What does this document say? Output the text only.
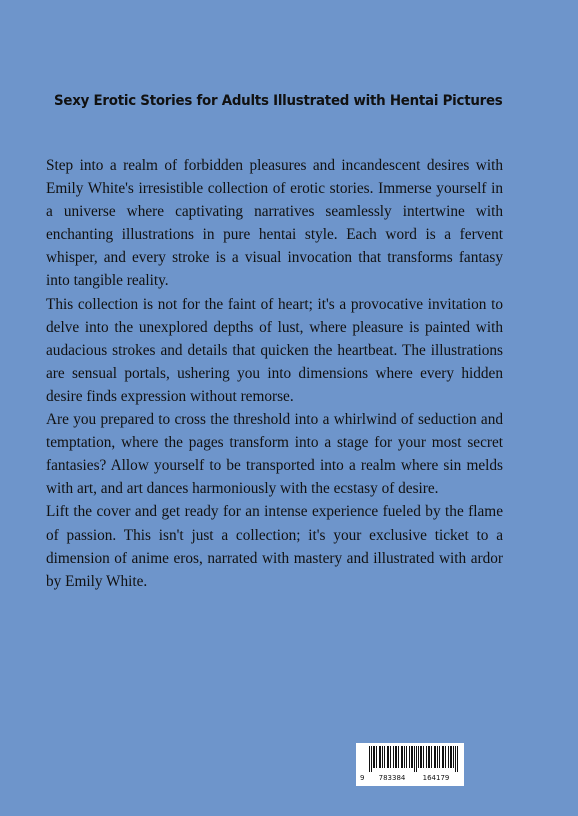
Sexy Erotic Stories for Adults Illustrated with Hentai Pictures

Step into a realm of forbidden pleasures and incandescent desires with Emily White's irresistible collection of erotic stories. Immerse yourself in a universe where captivating narratives seamlessly intertwine with enchanting illustrations in pure hentai style. Each word is a fervent whisper, and every stroke is a visual invocation that transforms fantasy into tangible reality.

This collection is not for the faint of heart; it's a provocative invitation to delve into the unexplored depths of lust, where pleasure is painted with audacious strokes and details that quicken the heartbeat. The illustrations are sensual portals, ushering you into dimensions where every hidden desire finds expression without remorse.

Are you prepared to cross the threshold into a whirlwind of seduction and temptation, where the pages transform into a stage for your most secret fantasies? Allow yourself to be transported into a realm where sin melds with art, and art dances harmoniously with the ecstasy of desire.

Lift the cover and get ready for an intense experience fueled by the flame of passion. This isn't just a collection; it's your exclusive ticket to a dimension of anime eros, narrated with mastery and illustrated with ardor by Emily White.

9	783384	164179
